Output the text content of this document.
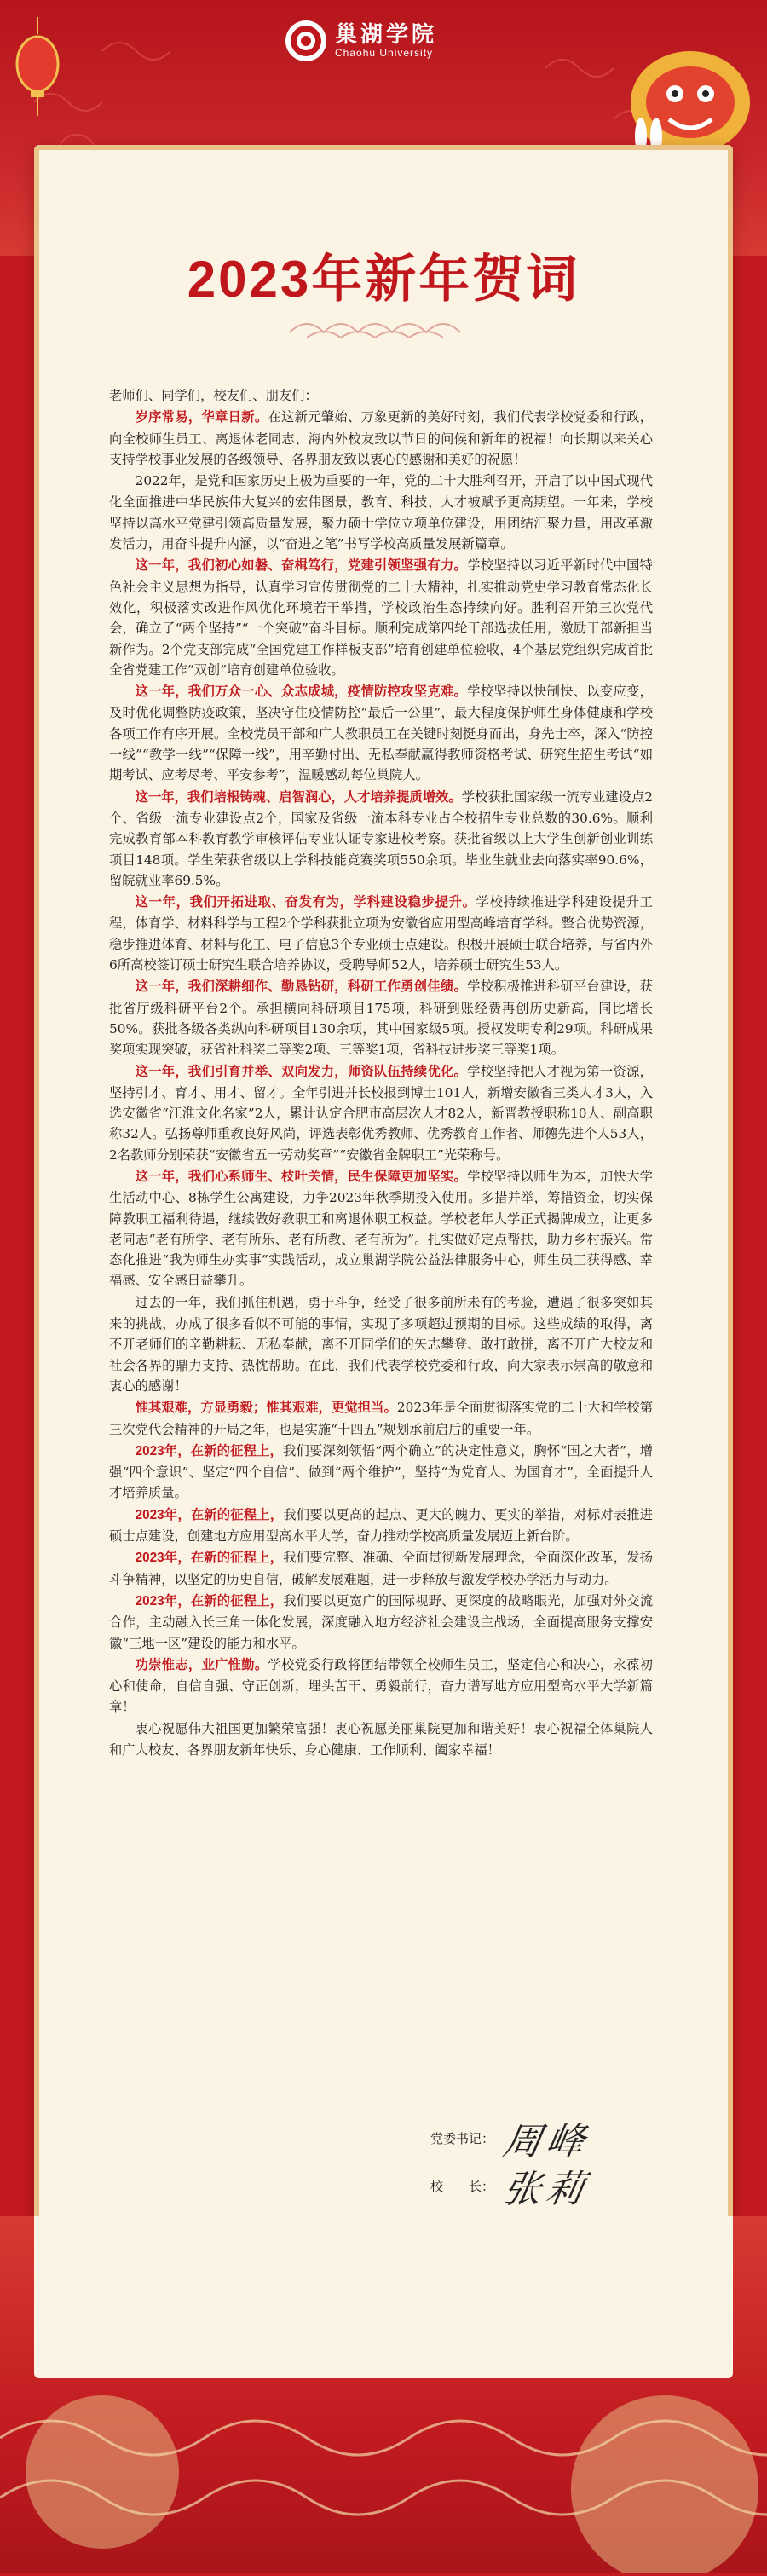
巢湖学院
Chaohu University
2023年新年贺词

老师们、同学们，校友们、朋友们：

岁序常易，华章日新。在这新元肇始、万象更新的美好时刻，我们代表学校党委和行政，向全校师生员工、离退休老同志、海内外校友致以节日的问候和新年的祝福！向长期以来关心支持学校事业发展的各级领导、各界朋友致以衷心的感谢和美好的祝愿！

2022年，是党和国家历史上极为重要的一年，党的二十大胜利召开，开启了以中国式现代化全面推进中华民族伟大复兴的宏伟图景，教育、科技、人才被赋予更高期望。一年来，学校坚持以高水平党建引领高质量发展，聚力硕士学位立项单位建设，用团结汇聚力量，用改革激发活力，用奋斗提升内涵，以“奋进之笔”书写学校高质量发展新篇章。

这一年，我们初心如磐、奋楫笃行，党建引领坚强有力。学校坚持以习近平新时代中国特色社会主义思想为指导，认真学习宣传贯彻党的二十大精神，扎实推动党史学习教育常态化长效化，积极落实改进作风优化环境若干举措，学校政治生态持续向好。胜利召开第三次党代会，确立了“两个坚持”“一个突破”奋斗目标。顺利完成第四轮干部选拔任用，激励干部新担当新作为。2个党支部完成“全国党建工作样板支部”培育创建单位验收，4个基层党组织完成首批全省党建工作“双创”培育创建单位验收。

这一年，我们万众一心、众志成城，疫情防控攻坚克难。学校坚持以快制快、以变应变，及时优化调整防疫政策，坚决守住疫情防控“最后一公里”，最大程度保护师生身体健康和学校各项工作有序开展。全校党员干部和广大教职员工在关键时刻挺身而出，身先士卒，深入“防控一线”“教学一线”“保障一线”，用辛勤付出、无私奉献赢得教师资格考试、研究生招生考试“如期考试、应考尽考、平安参考”，温暖感动每位巢院人。

这一年，我们培根铸魂、启智润心，人才培养提质增效。学校获批国家级一流专业建设点2个、省级一流专业建设点2个，国家及省级一流本科专业占全校招生专业总数的30.6%。顺利完成教育部本科教育教学审核评估专业认证专家进校考察。获批省级以上大学生创新创业训练项目148项。学生荣获省级以上学科技能竞赛奖项550余项。毕业生就业去向落实率90.6%，留皖就业率69.5%。

这一年，我们开拓进取、奋发有为，学科建设稳步提升。学校持续推进学科建设提升工程，体育学、材料科学与工程2个学科获批立项为安徽省应用型高峰培育学科。整合优势资源，稳步推进体育、材料与化工、电子信息3个专业硕士点建设。积极开展硕士联合培养，与省内外6所高校签订硕士研究生联合培养协议，受聘导师52人，培养硕士研究生53人。

这一年，我们深耕细作、勤恳钻研，科研工作勇创佳绩。学校积极推进科研平台建设，获批省厅级科研平台2个。承担横向科研项目175项，科研到账经费再创历史新高，同比增长50%。获批各级各类纵向科研项目130余项，其中国家级5项。授权发明专利29项。科研成果奖项实现突破，获省社科奖二等奖2项、三等奖1项，省科技进步奖三等奖1项。

这一年，我们引育并举、双向发力，师资队伍持续优化。学校坚持把人才视为第一资源，坚持引才、育才、用才、留才。全年引进并长校报到博士101人，新增安徽省三类人才3人，入选安徽省“江淮文化名家”2人，累计认定合肥市高层次人才82人，新晋教授职称10人、副高职称32人。弘扬尊师重教良好风尚，评选表彰优秀教师、优秀教育工作者、师德先进个人53人，2名教师分别荣获“安徽省五一劳动奖章”“安徽省金牌职工”光荣称号。

这一年，我们心系师生、枝叶关情，民生保障更加坚实。学校坚持以师生为本，加快大学生活动中心、8栋学生公寓建设，力争2023年秋季期投入使用。多措并举，筹措资金，切实保障教职工福利待遇，继续做好教职工和离退休职工权益。学校老年大学正式揭牌成立，让更多老同志“老有所学、老有所乐、老有所教、老有所为”。扎实做好定点帮扶，助力乡村振兴。常态化推进“我为师生办实事”实践活动，成立巢湖学院公益法律服务中心，师生员工获得感、幸福感、安全感日益攀升。

过去的一年，我们抓住机遇，勇于斗争，经受了很多前所未有的考验，遭遇了很多突如其来的挑战，办成了很多看似不可能的事情，实现了多项超过预期的目标。这些成绩的取得，离不开老师们的辛勤耕耘、无私奉献，离不开同学们的矢志攀登、敢打敢拼，离不开广大校友和社会各界的鼎力支持、热忱帮助。在此，我们代表学校党委和行政，向大家表示崇高的敬意和衷心的感谢！

惟其艰难，方显勇毅；惟其艰难，更觉担当。2023年是全面贯彻落实党的二十大和学校第三次党代会精神的开局之年，也是实施“十四五”规划承前启后的重要一年。

2023年，在新的征程上，我们要深刻领悟“两个确立”的决定性意义，胸怀“国之大者”，增强“四个意识”、坚定“四个自信”、做到“两个维护”，坚持“为党育人、为国育才”，全面提升人才培养质量。

2023年，在新的征程上，我们要以更高的起点、更大的魄力、更实的举措，对标对表推进硕士点建设，创建地方应用型高水平大学，奋力推动学校高质量发展迈上新台阶。

2023年，在新的征程上，我们要完整、准确、全面贯彻新发展理念，全面深化改革，发扬斗争精神，以坚定的历史自信，破解发展难题，进一步释放与激发学校办学活力与动力。

2023年，在新的征程上，我们要以更宽广的国际视野、更深度的战略眼光，加强对外交流合作，主动融入长三角一体化发展，深度融入地方经济社会建设主战场，全面提高服务支撑安徽“三地一区”建设的能力和水平。

功崇惟志，业广惟勤。学校党委行政将团结带领全校师生员工，坚定信心和决心，永葆初心和使命，自信自强、守正创新，埋头苦干、勇毅前行，奋力谱写地方应用型高水平大学新篇章！

衷心祝愿伟大祖国更加繁荣富强！衷心祝愿美丽巢院更加和谐美好！衷心祝福全体巢院人和广大校友、各界朋友新年快乐、身心健康、工作顺利、阖家幸福！

党委书记： 周峰
校　　长： 张莉
